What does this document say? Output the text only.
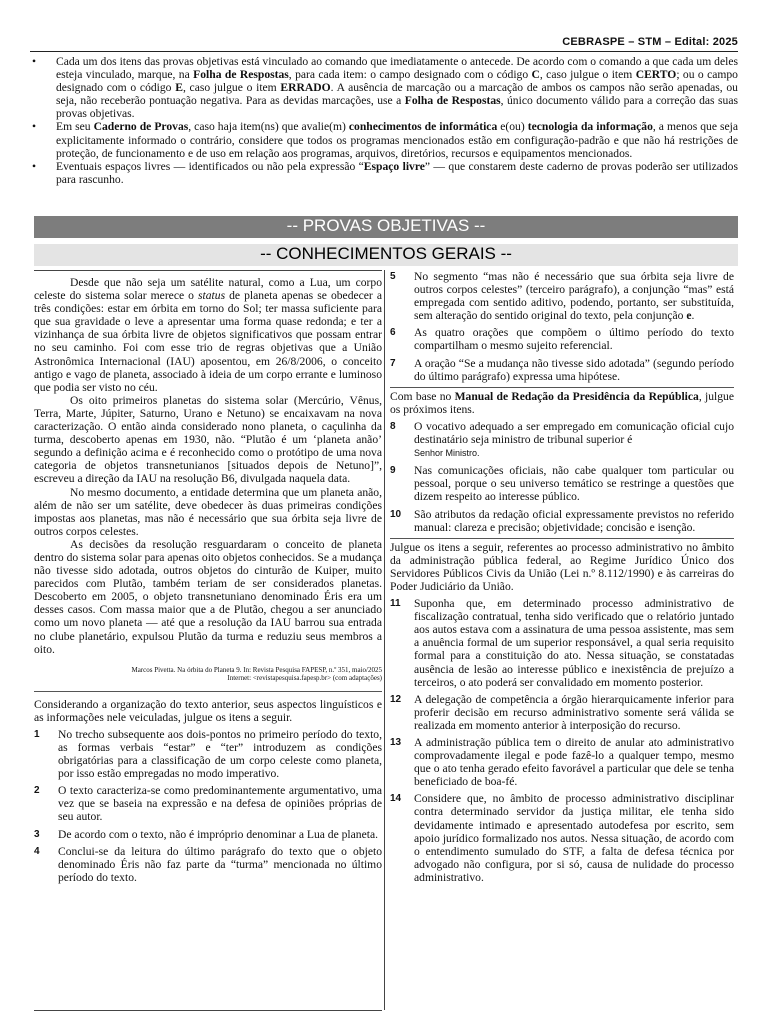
CEBRASPE – STM – Edital: 2025
• Cada um dos itens das provas objetivas está vinculado ao comando que imediatamente o antecede. De acordo com o comando a que cada um deles esteja vinculado, marque, na Folha de Respostas, para cada item: o campo designado com o código C, caso julgue o item CERTO; ou o campo designado com o código E, caso julgue o item ERRADO. A ausência de marcação ou a marcação de ambos os campos não serão apenadas, ou seja, não receberão pontuação negativa. Para as devidas marcações, use a Folha de Respostas, único documento válido para a correção das suas provas objetivas.
• Em seu Caderno de Provas, caso haja item(ns) que avalie(m) conhecimentos de informática e(ou) tecnologia da informação, a menos que seja explicitamente informado o contrário, considere que todos os programas mencionados estão em configuração-padrão e que não há restrições de proteção, de funcionamento e de uso em relação aos programas, arquivos, diretórios, recursos e equipamentos mencionados.
• Eventuais espaços livres — identificados ou não pela expressão “Espaço livre” — que constarem deste caderno de provas poderão ser utilizados para rascunho.
-- PROVAS OBJETIVAS --
-- CONHECIMENTOS GERAIS --

Desde que não seja um satélite natural, como a Lua, um corpo celeste do sistema solar merece o status de planeta apenas se obedecer a três condições: estar em órbita em torno do Sol; ter massa suficiente para que sua gravidade o leve a apresentar uma forma quase redonda; e ter a vizinhança de sua órbita livre de objetos significativos que possam entrar no seu caminho. Foi com esse trio de regras objetivas que a União Astronômica Internacional (IAU) aposentou, em 26/8/2006, o conceito antigo e vago de planeta, associado à ideia de um corpo errante e luminoso que podia ser visto no céu.

Os oito primeiros planetas do sistema solar (Mercúrio, Vênus, Terra, Marte, Júpiter, Saturno, Urano e Netuno) se encaixavam na nova caracterização. O então ainda considerado nono planeta, o caçulinha da turma, descoberto apenas em 1930, não. “Plutão é um ‘planeta anão’ segundo a definição acima e é reconhecido como o protótipo de uma nova categoria de objetos transnetunianos [situados depois de Netuno]”, escreveu a direção da IAU na resolução B6, divulgada naquela data.

No mesmo documento, a entidade determina que um planeta anão, além de não ser um satélite, deve obedecer às duas primeiras condições impostas aos planetas, mas não é necessário que sua órbita seja livre de outros corpos celestes.

As decisões da resolução resguardaram o conceito de planeta dentro do sistema solar para apenas oito objetos conhecidos. Se a mudança não tivesse sido adotada, outros objetos do cinturão de Kuiper, muito parecidos com Plutão, também teriam de ser considerados planetas. Descoberto em 2005, o objeto transnetuniano denominado Éris era um desses casos. Com massa maior que a de Plutão, chegou a ser anunciado como um novo planeta — até que a resolução da IAU barrou sua entrada no clube planetário, expulsou Plutão da turma e reduziu seus membros a oito.

Marcos Pivetta. Na órbita do Planeta 9. In: Revista Pesquisa FAPESP, n.º 351, maio/2025
Internet: <revistapesquisa.fapesp.br> (com adaptações)

Considerando a organização do texto anterior, seus aspectos linguísticos e as informações nele veiculadas, julgue os itens a seguir.

1 No trecho subsequente aos dois-pontos no primeiro período do texto, as formas verbais “estar” e “ter” introduzem as condições obrigatórias para a classificação de um corpo celeste como planeta, por isso estão empregadas no modo imperativo.
2 O texto caracteriza-se como predominantemente argumentativo, uma vez que se baseia na expressão e na defesa de opiniões próprias de seu autor.
3 De acordo com o texto, não é impróprio denominar a Lua de planeta.
4 Conclui-se da leitura do último parágrafo do texto que o objeto denominado Éris não faz parte da “turma” mencionada no último período do texto.
5 No segmento “mas não é necessário que sua órbita seja livre de outros corpos celestes” (terceiro parágrafo), a conjunção “mas” está empregada com sentido aditivo, podendo, portanto, ser substituída, sem alteração do sentido original do texto, pela conjunção e.
6 As quatro orações que compõem o último período do texto compartilham o mesmo sujeito referencial.
7 A oração “Se a mudança não tivesse sido adotada” (segundo período do último parágrafo) expressa uma hipótese.

Com base no Manual de Redação da Presidência da República, julgue os próximos itens.

8 O vocativo adequado a ser empregado em comunicação oficial cujo destinatário seja ministro de tribunal superior é
Senhor Ministro.
9 Nas comunicações oficiais, não cabe qualquer tom particular ou pessoal, porque o seu universo temático se restringe a questões que dizem respeito ao interesse público.
10 São atributos da redação oficial expressamente previstos no referido manual: clareza e precisão; objetividade; concisão e isenção.

Julgue os itens a seguir, referentes ao processo administrativo no âmbito da administração pública federal, ao Regime Jurídico Único dos Servidores Públicos Civis da União (Lei n.º 8.112/1990) e às carreiras do Poder Judiciário da União.

11 Suponha que, em determinado processo administrativo de fiscalização contratual, tenha sido verificado que o relatório juntado aos autos estava com a assinatura de uma pessoa assistente, mas sem a anuência formal de um superior responsável, a qual seria requisito formal para a constituição do ato. Nessa situação, se constatadas ausência de lesão ao interesse público e inexistência de prejuízo a terceiros, o ato poderá ser convalidado em momento posterior.
12 A delegação de competência a órgão hierarquicamente inferior para proferir decisão em recurso administrativo somente será válida se realizada em momento anterior à interposição do recurso.
13 A administração pública tem o direito de anular ato administrativo comprovadamente ilegal e pode fazê-lo a qualquer tempo, mesmo que o ato tenha gerado efeito favorável a particular que dele se tenha beneficiado de boa-fé.
14 Considere que, no âmbito de processo administrativo disciplinar contra determinado servidor da justiça militar, ele tenha sido devidamente intimado e apresentado autodefesa por escrito, sem apoio jurídico formalizado nos autos. Nessa situação, de acordo com o entendimento sumulado do STF, a falta de defesa técnica por advogado não configura, por si só, causa de nulidade do processo administrativo.
